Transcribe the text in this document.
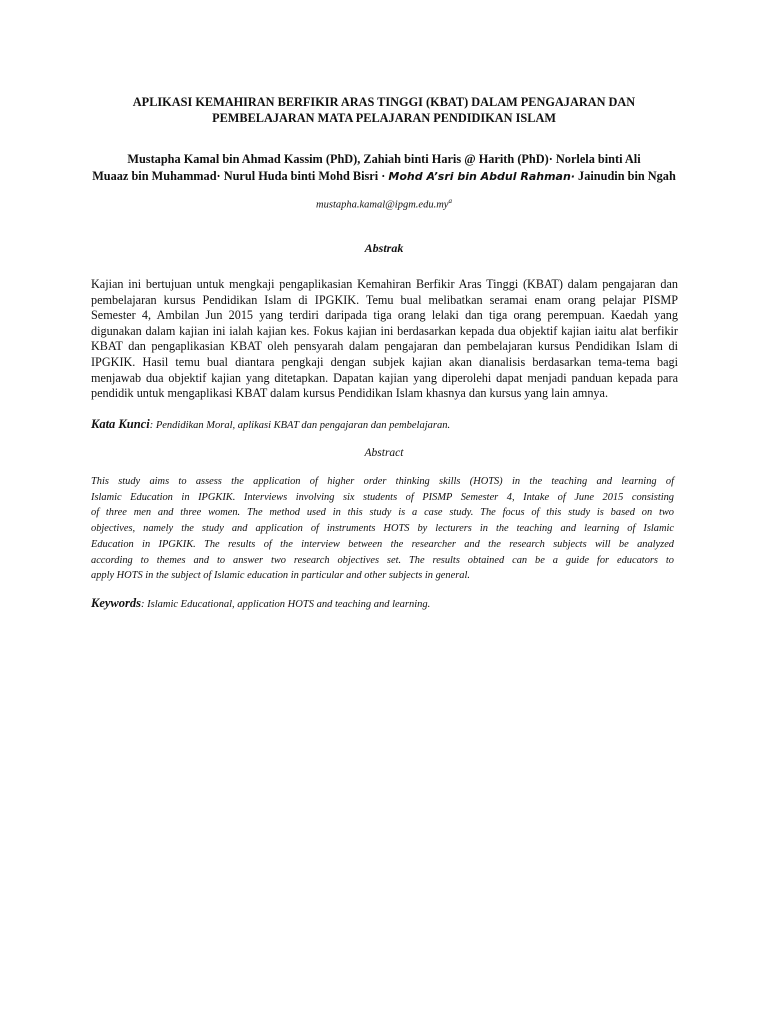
APLIKASI KEMAHIRAN BERFIKIR ARAS TINGGI (KBAT) DALAM PENGAJARAN DAN
PEMBELAJARAN MATA PELAJARAN PENDIDIKAN ISLAM
Mustapha Kamal bin Ahmad Kassim (PhD), Zahiah binti Haris @ Harith (PhD)· Norlela binti Ali
Muaaz bin Muhammad· Nurul Huda binti Mohd Bisri · Mohd A’sri bin Abdul Rahman· Jainudin bin Ngah
$mustapha.kamal@ipgm.edu.my^a$
Abstrak
Kajian ini bertujuan untuk mengkaji pengaplikasian Kemahiran Berfikir Aras Tinggi (KBAT) dalam pengajaran dan
pembelajaran kursus Pendidikan Islam di IPGKIK. Temu bual melibatkan seramai enam orang pelajar PISMP
Semester 4, Ambilan Jun 2015 yang terdiri daripada tiga orang lelaki dan tiga orang perempuan. Kaedah yang
digunakan dalam kajian ini ialah kajian kes. Fokus kajian ini berdasarkan kepada dua objektif kajian iaitu alat berfikir
KBAT dan pengaplikasian KBAT oleh pensyarah dalam pengajaran dan pembelajaran kursus Pendidikan Islam di
IPGKIK. Hasil temu bual diantara pengkaji dengan subjek kajian akan dianalisis berdasarkan tema-tema bagi
menjawab dua objektif kajian yang ditetapkan. Dapatan kajian yang diperolehi dapat menjadi panduan kepada para
pendidik untuk mengaplikasi KBAT dalam kursus Pendidikan Islam khasnya dan kursus yang lain amnya.
Kata Kunci: Pendidikan Moral, aplikasi KBAT dan pengajaran dan pembelajaran.
Abstract
This study aims to assess the application of higher order thinking skills (HOTS) in the teaching and learning of
Islamic Education in IPGKIK. Interviews involving six students of PISMP Semester 4, Intake of June 2015 consisting
of three men and three women. The method used in this study is a case study. The focus of this study is based on two
objectives, namely the study and application of instruments HOTS by lecturers in the teaching and learning of Islamic
Education in IPGKIK. The results of the interview between the researcher and the research subjects will be analyzed
according to themes and to answer two research objectives set. The results obtained can be a guide for educators to
apply HOTS in the subject of Islamic education in particular and other subjects in general.
Keywords: Islamic Educational, application HOTS and teaching and learning.
